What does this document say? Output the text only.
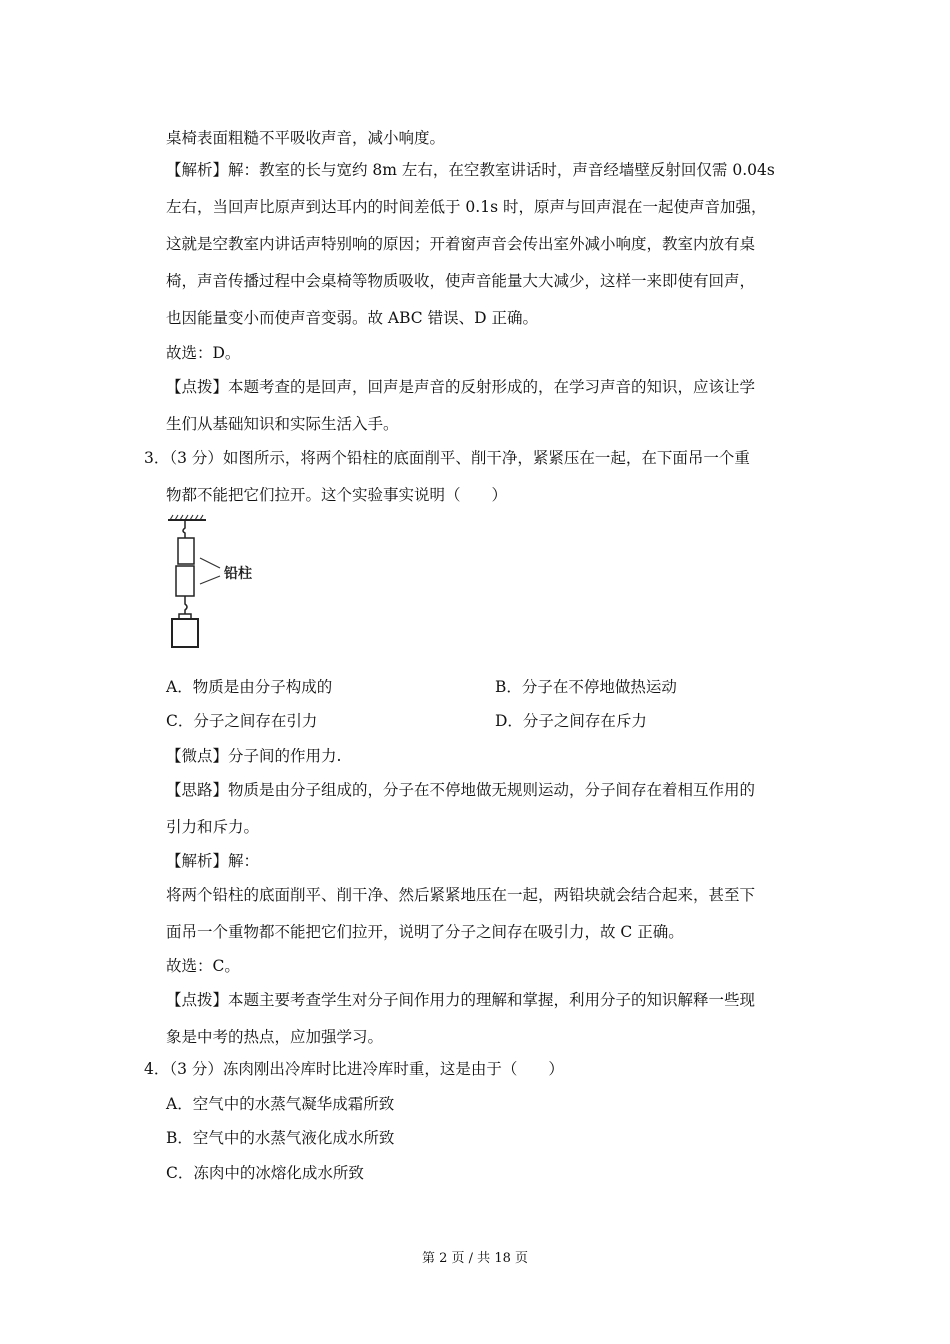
桌椅表面粗糙不平吸收声音，减小响度。
【解析】解：教室的长与宽约 8m 左右，在空教室讲话时，声音经墙壁反射回仅需 0.04s
左右，当回声比原声到达耳内的时间差低于 0.1s 时，原声与回声混在一起使声音加强，
这就是空教室内讲话声特别响的原因；开着窗声音会传出室外减小响度，教室内放有桌
椅，声音传播过程中会桌椅等物质吸收，使声音能量大大减少，这样一来即使有回声，
也因能量变小而使声音变弱。故 ABC 错误、D 正确。
故选：D。
【点拨】本题考查的是回声，回声是声音的反射形成的，在学习声音的知识，应该让学
生们从基础知识和实际生活入手。
3．（3 分）如图所示，将两个铅柱的底面削平、削干净，紧紧压在一起，在下面吊一个重
物都不能把它们拉开。这个实验事实说明（　　）
铅柱
A．物质是由分子构成的	B．分子在不停地做热运动
C．分子之间存在引力	D．分子之间存在斥力
【微点】分子间的作用力.
【思路】物质是由分子组成的，分子在不停地做无规则运动，分子间存在着相互作用的
引力和斥力。
【解析】解：
将两个铅柱的底面削平、削干净、然后紧紧地压在一起，两铅块就会结合起来，甚至下
面吊一个重物都不能把它们拉开，说明了分子之间存在吸引力，故 C 正确。
故选：C。
【点拨】本题主要考查学生对分子间作用力的理解和掌握，利用分子的知识解释一些现
象是中考的热点，应加强学习。
4．（3 分）冻肉刚出冷库时比进冷库时重，这是由于（　　）
A．空气中的水蒸气凝华成霜所致
B．空气中的水蒸气液化成水所致
C．冻肉中的冰熔化成水所致
第 2 页 / 共 18 页
